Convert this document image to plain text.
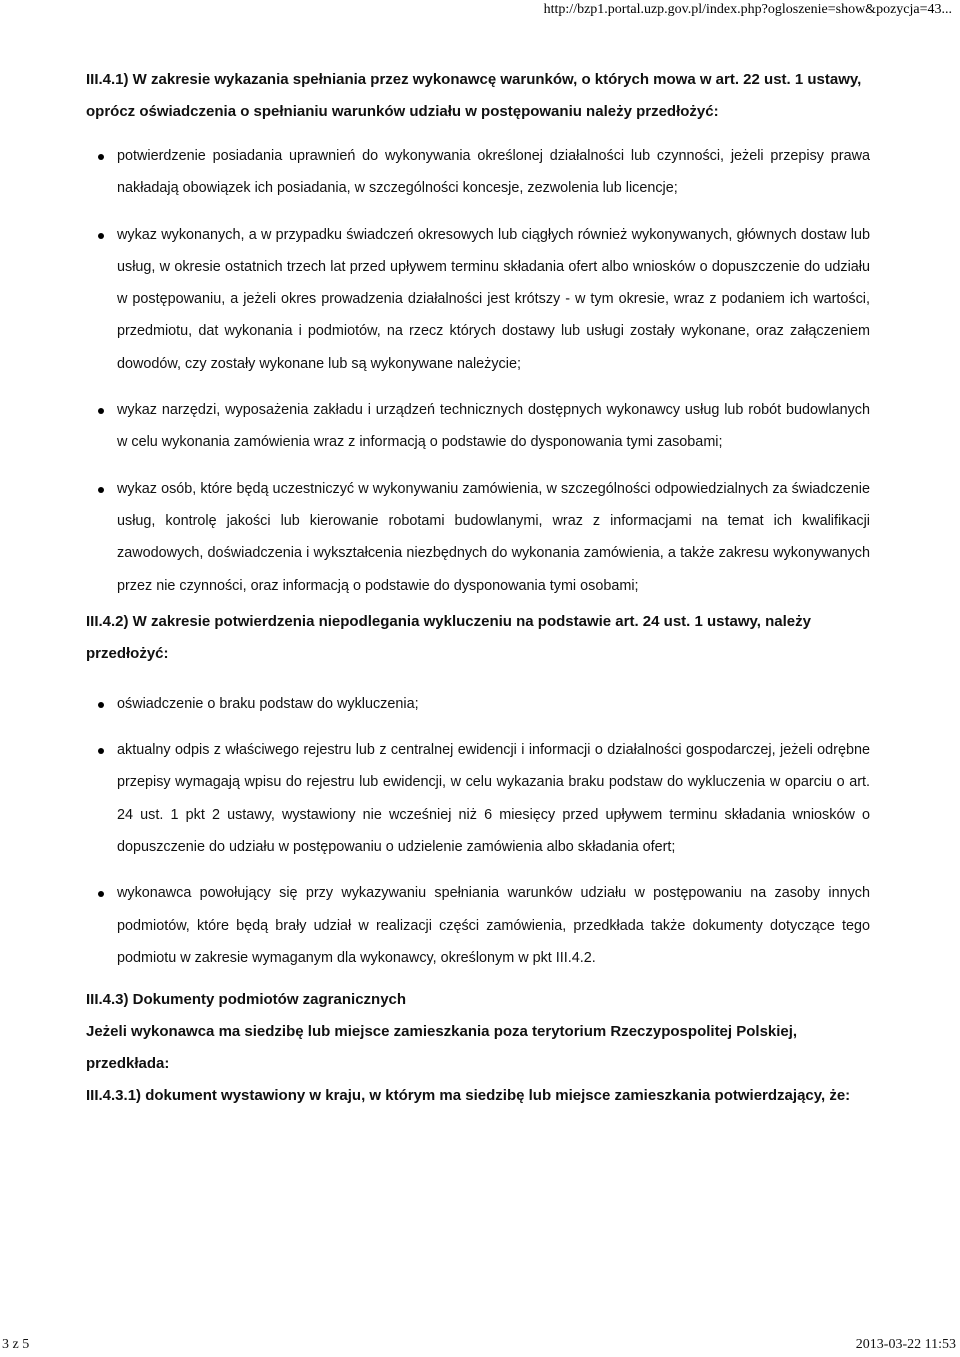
http://bzp1.portal.uzp.gov.pl/index.php?ogloszenie=show&pozycja=43...

III.4.1) W zakresie wykazania spełniania przez wykonawcę warunków, o których mowa w art. 22 ust. 1 ustawy, oprócz oświadczenia o spełnianiu warunków udziału w postępowaniu należy przedłożyć:

potwierdzenie posiadania uprawnień do wykonywania określonej działalności lub czynności, jeżeli przepisy prawa nakładają obowiązek ich posiadania, w szczególności koncesje, zezwolenia lub licencje;
wykaz wykonanych, a w przypadku świadczeń okresowych lub ciągłych również wykonywanych, głównych dostaw lub usług, w okresie ostatnich trzech lat przed upływem terminu składania ofert albo wniosków o dopuszczenie do udziału w postępowaniu, a jeżeli okres prowadzenia działalności jest krótszy - w tym okresie, wraz z podaniem ich wartości, przedmiotu, dat wykonania i podmiotów, na rzecz których dostawy lub usługi zostały wykonane, oraz załączeniem dowodów, czy zostały wykonane lub są wykonywane należycie;
wykaz narzędzi, wyposażenia zakładu i urządzeń technicznych dostępnych wykonawcy usług lub robót budowlanych w celu wykonania zamówienia wraz z informacją o podstawie do dysponowania tymi zasobami;
wykaz osób, które będą uczestniczyć w wykonywaniu zamówienia, w szczególności odpowiedzialnych za świadczenie usług, kontrolę jakości lub kierowanie robotami budowlanymi, wraz z informacjami na temat ich kwalifikacji zawodowych, doświadczenia i wykształcenia niezbędnych do wykonania zamówienia, a także zakresu wykonywanych przez nie czynności, oraz informacją o podstawie do dysponowania tymi osobami;

III.4.2) W zakresie potwierdzenia niepodlegania wykluczeniu na podstawie art. 24 ust. 1 ustawy, należy przedłożyć:

oświadczenie o braku podstaw do wykluczenia;
aktualny odpis z właściwego rejestru lub z centralnej ewidencji i informacji o działalności gospodarczej, jeżeli odrębne przepisy wymagają wpisu do rejestru lub ewidencji, w celu wykazania braku podstaw do wykluczenia w oparciu o art. 24 ust. 1 pkt 2 ustawy, wystawiony nie wcześniej niż 6 miesięcy przed upływem terminu składania wniosków o dopuszczenie do udziału w postępowaniu o udzielenie zamówienia albo składania ofert;
wykonawca powołujący się przy wykazywaniu spełniania warunków udziału w postępowaniu na zasoby innych podmiotów, które będą brały udział w realizacji części zamówienia, przedkłada także dokumenty dotyczące tego podmiotu w zakresie wymaganym dla wykonawcy, określonym w pkt III.4.2.

III.4.3) Dokumenty podmiotów zagranicznych

Jeżeli wykonawca ma siedzibę lub miejsce zamieszkania poza terytorium Rzeczypospolitej Polskiej, przedkłada:

III.4.3.1) dokument wystawiony w kraju, w którym ma siedzibę lub miejsce zamieszkania potwierdzający, że:

3 z 5	2013-03-22 11:53
